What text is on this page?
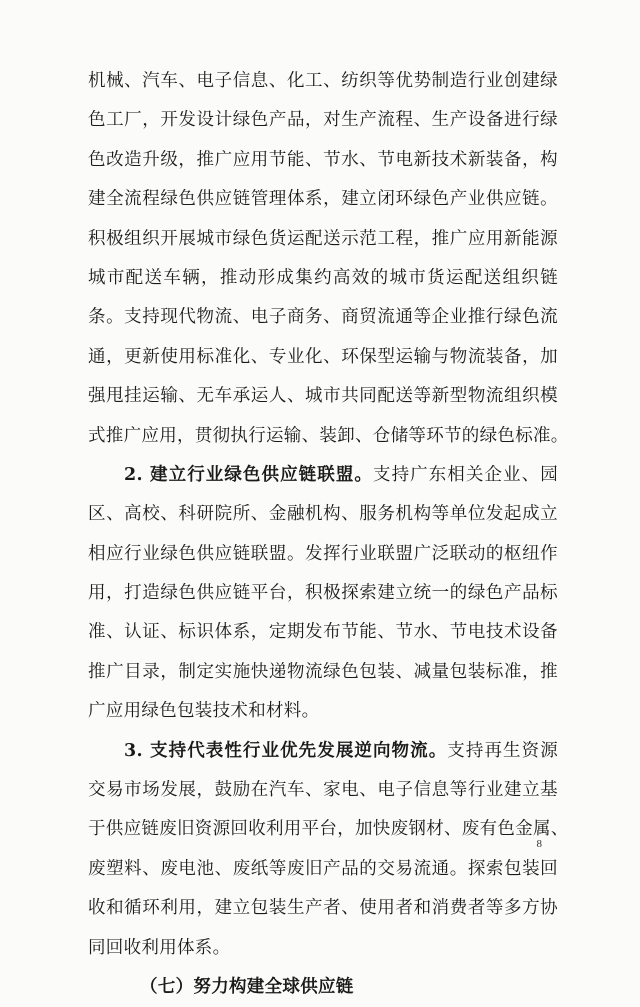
机械、汽车、电子信息、化工、纺织等优势制造行业创建绿
色工厂，开发设计绿色产品，对生产流程、生产设备进行绿
色改造升级，推广应用节能、节水、节电新技术新装备，构
建全流程绿色供应链管理体系，建立闭环绿色产业供应链。
积极组织开展城市绿色货运配送示范工程，推广应用新能源
城市配送车辆，推动形成集约高效的城市货运配送组织链
条。支持现代物流、电子商务、商贸流通等企业推行绿色流
通，更新使用标准化、专业化、环保型运输与物流装备，加
强甩挂运输、无车承运人、城市共同配送等新型物流组织模
式推广应用，贯彻执行运输、装卸、仓储等环节的绿色标准。
2. 建立行业绿色供应链联盟。支持广东相关企业、园
区、高校、科研院所、金融机构、服务机构等单位发起成立
相应行业绿色供应链联盟。发挥行业联盟广泛联动的枢纽作
用，打造绿色供应链平台，积极探索建立统一的绿色产品标
准、认证、标识体系，定期发布节能、节水、节电技术设备
推广目录，制定实施快递物流绿色包装、减量包装标准，推
广应用绿色包装技术和材料。
3. 支持代表性行业优先发展逆向物流。支持再生资源
交易市场发展，鼓励在汽车、家电、电子信息等行业建立基
于供应链废旧资源回收利用平台，加快废钢材、废有色金属、
废塑料、废电池、废纸等废旧产品的交易流通。探索包装回
收和循环利用，建立包装生产者、使用者和消费者等多方协
同回收利用体系。
（七）努力构建全球供应链
8
